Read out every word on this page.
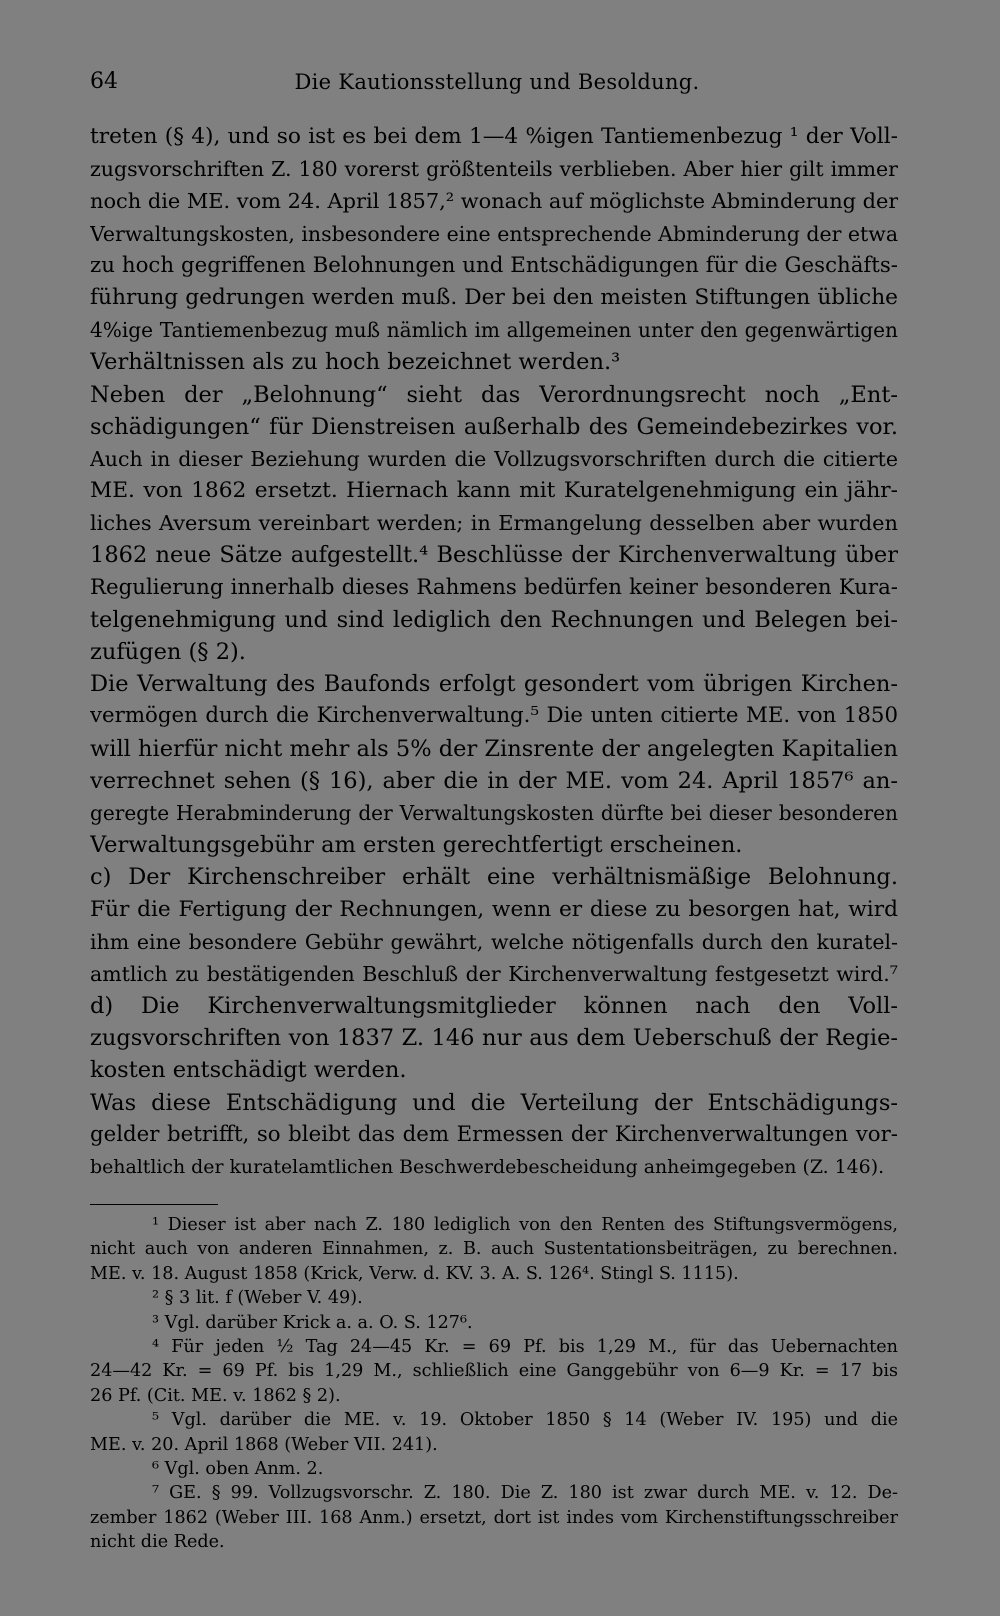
64	Die Kautionsstellung und Besoldung.
treten (§ 4), und so ist es bei dem 1—4 %igen Tantiemenbezug ¹ der Voll-
zugsvorschriften Z. 180 vorerst größtenteils verblieben. Aber hier gilt immer
noch die ME. vom 24. April 1857,² wonach auf möglichste Abminderung der
Verwaltungskosten, insbesondere eine entsprechende Abminderung der etwa
zu hoch gegriffenen Belohnungen und Entschädigungen für die Geschäfts-
führung gedrungen werden muß. Der bei den meisten Stiftungen übliche
4%ige Tantiemenbezug muß nämlich im allgemeinen unter den gegenwärtigen
Verhältnissen als zu hoch bezeichnet werden.³
Neben der „Belohnung“ sieht das Verordnungsrecht noch „Ent-
schädigungen“ für Dienstreisen außerhalb des Gemeindebezirkes vor.
Auch in dieser Beziehung wurden die Vollzugsvorschriften durch die citierte
ME. von 1862 ersetzt. Hiernach kann mit Kuratelgenehmigung ein jähr-
liches Aversum vereinbart werden; in Ermangelung desselben aber wurden
1862 neue Sätze aufgestellt.⁴ Beschlüsse der Kirchenverwaltung über
Regulierung innerhalb dieses Rahmens bedürfen keiner besonderen Kura-
telgenehmigung und sind lediglich den Rechnungen und Belegen bei-
zufügen (§ 2).
Die Verwaltung des Baufonds erfolgt gesondert vom übrigen Kirchen-
vermögen durch die Kirchenverwaltung.⁵ Die unten citierte ME. von 1850
will hierfür nicht mehr als 5% der Zinsrente der angelegten Kapitalien
verrechnet sehen (§ 16), aber die in der ME. vom 24. April 1857⁶ an-
geregte Herabminderung der Verwaltungskosten dürfte bei dieser besonderen
Verwaltungsgebühr am ersten gerechtfertigt erscheinen.
c) Der Kirchenschreiber erhält eine verhältnismäßige Belohnung.
Für die Fertigung der Rechnungen, wenn er diese zu besorgen hat, wird
ihm eine besondere Gebühr gewährt, welche nötigenfalls durch den kuratel-
amtlich zu bestätigenden Beschluß der Kirchenverwaltung festgesetzt wird.⁷
d) Die Kirchenverwaltungsmitglieder können nach den Voll-
zugsvorschriften von 1837 Z. 146 nur aus dem Ueberschuß der Regie-
kosten entschädigt werden.
Was diese Entschädigung und die Verteilung der Entschädigungs-
gelder betrifft, so bleibt das dem Ermessen der Kirchenverwaltungen vor-
behaltlich der kuratelamtlichen Beschwerdebescheidung anheimgegeben (Z. 146).
¹ Dieser ist aber nach Z. 180 lediglich von den Renten des Stiftungsvermögens,
nicht auch von anderen Einnahmen, z. B. auch Sustentationsbeiträgen, zu berechnen.
ME. v. 18. August 1858 (Krick, Verw. d. KV. 3. A. S. 126⁴. Stingl S. 1115).
² § 3 lit. f (Weber V. 49).
³ Vgl. darüber Krick a. a. O. S. 127⁶.
⁴ Für jeden ½ Tag 24—45 Kr. = 69 Pf. bis 1,29 M., für das Uebernachten
24—42 Kr. = 69 Pf. bis 1,29 M., schließlich eine Ganggebühr von 6—9 Kr. = 17 bis
26 Pf. (Cit. ME. v. 1862 § 2).
⁵ Vgl. darüber die ME. v. 19. Oktober 1850 § 14 (Weber IV. 195) und die
ME. v. 20. April 1868 (Weber VII. 241).
⁶ Vgl. oben Anm. 2.
⁷ GE. § 99. Vollzugsvorschr. Z. 180. Die Z. 180 ist zwar durch ME. v. 12. De-
zember 1862 (Weber III. 168 Anm.) ersetzt, dort ist indes vom Kirchenstiftungsschreiber
nicht die Rede.
